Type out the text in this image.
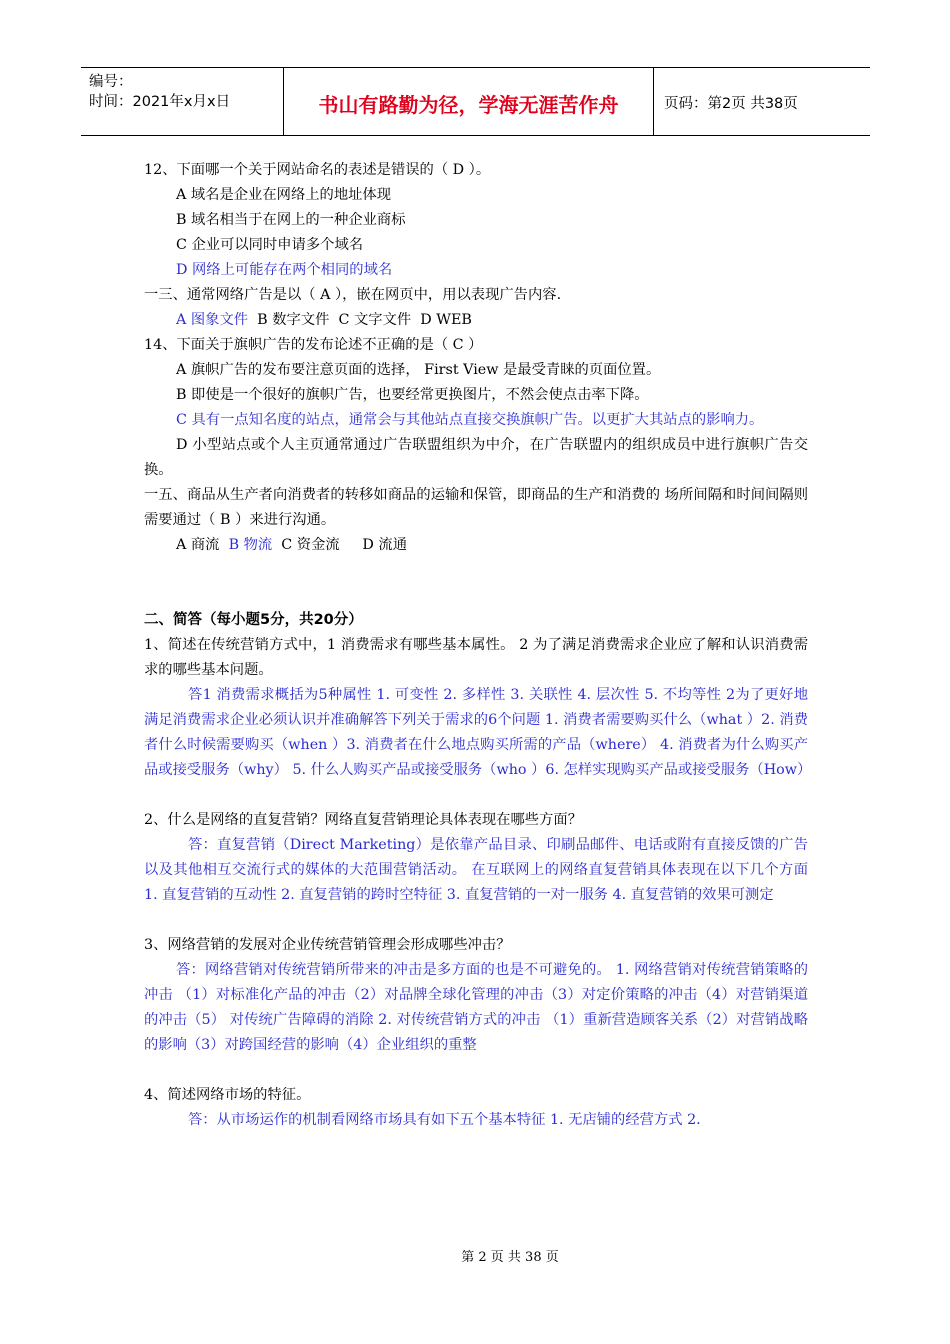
编号：
时间：2021年x月x日	书山有路勤为径，学海无涯苦作舟	页码：第2页 共38页

12、下面哪一个关于网站命名的表述是错误的（ D ）。

A 域名是企业在网络上的地址体现

B 域名相当于在网上的一种企业商标

C 企业可以同时申请多个域名

D 网络上可能存在两个相同的域名

一三、通常网络广告是以（ A ），嵌在网页中，用以表现广告内容.

A 图象文件  B 数字文件  C 文字文件  D WEB

14、下面关于旗帜广告的发布论述不正确的是（ C ）

A 旗帜广告的发布要注意页面的选择， First View 是最受青睐的页面位置。

B 即使是一个很好的旗帜广告，也要经常更换图片，不然会使点击率下降。

C 具有一点知名度的站点，通常会与其他站点直接交换旗帜广告。以更扩大其站点的影响力。

D 小型站点或个人主页通常通过广告联盟组织为中介，在广告联盟内的组织成员中进行旗帜广告交换。

一五、商品从生产者向消费者的转移如商品的运输和保管，即商品的生产和消费的 场所间隔和时间间隔则需要通过（ B ）来进行沟通。

A 商流  B 物流  C 资金流     D 流通

二、简答（每小题5分，共20分）

1、简述在传统营销方式中，1 消费需求有哪些基本属性。 2 为了满足消费需求企业应了解和认识消费需求的哪些基本问题。

答1 消费需求概括为5种属性 1. 可变性 2. 多样性 3. 关联性 4. 层次性 5. 不均等性 2为了更好地满足消费需求企业必须认识并准确解答下列关于需求的6个问题 1. 消费者需要购买什么（what ）2. 消费者什么时候需要购买（when ）3. 消费者在什么地点购买所需的产品（where） 4. 消费者为什么购买产品或接受服务（why） 5. 什么人购买产品或接受服务（who ）6. 怎样实现购买产品或接受服务（How）

2、什么是网络的直复营销？网络直复营销理论具体表现在哪些方面？

答：直复营销（Direct Marketing）是依靠产品目录、印刷品邮件、电话或附有直接反馈的广告以及其他相互交流行式的媒体的大范围营销活动。 在互联网上的网络直复营销具体表现在以下几个方面 1. 直复营销的互动性 2. 直复营销的跨时空特征 3. 直复营销的一对一服务 4. 直复营销的效果可测定

3、网络营销的发展对企业传统营销管理会形成哪些冲击？

答：网络营销对传统营销所带来的冲击是多方面的也是不可避免的。 1. 网络营销对传统营销策略的冲击 （1）对标准化产品的冲击（2）对品牌全球化管理的冲击（3）对定价策略的冲击（4）对营销渠道的冲击（5） 对传统广告障碍的消除 2. 对传统营销方式的冲击 （1）重新营造顾客关系（2）对营销战略的影响（3）对跨国经营的影响（4）企业组织的重整

4、简述网络市场的特征。

答：从市场运作的机制看网络市场具有如下五个基本特征 1. 无店铺的经营方式 2.

第 2 页 共 38 页
